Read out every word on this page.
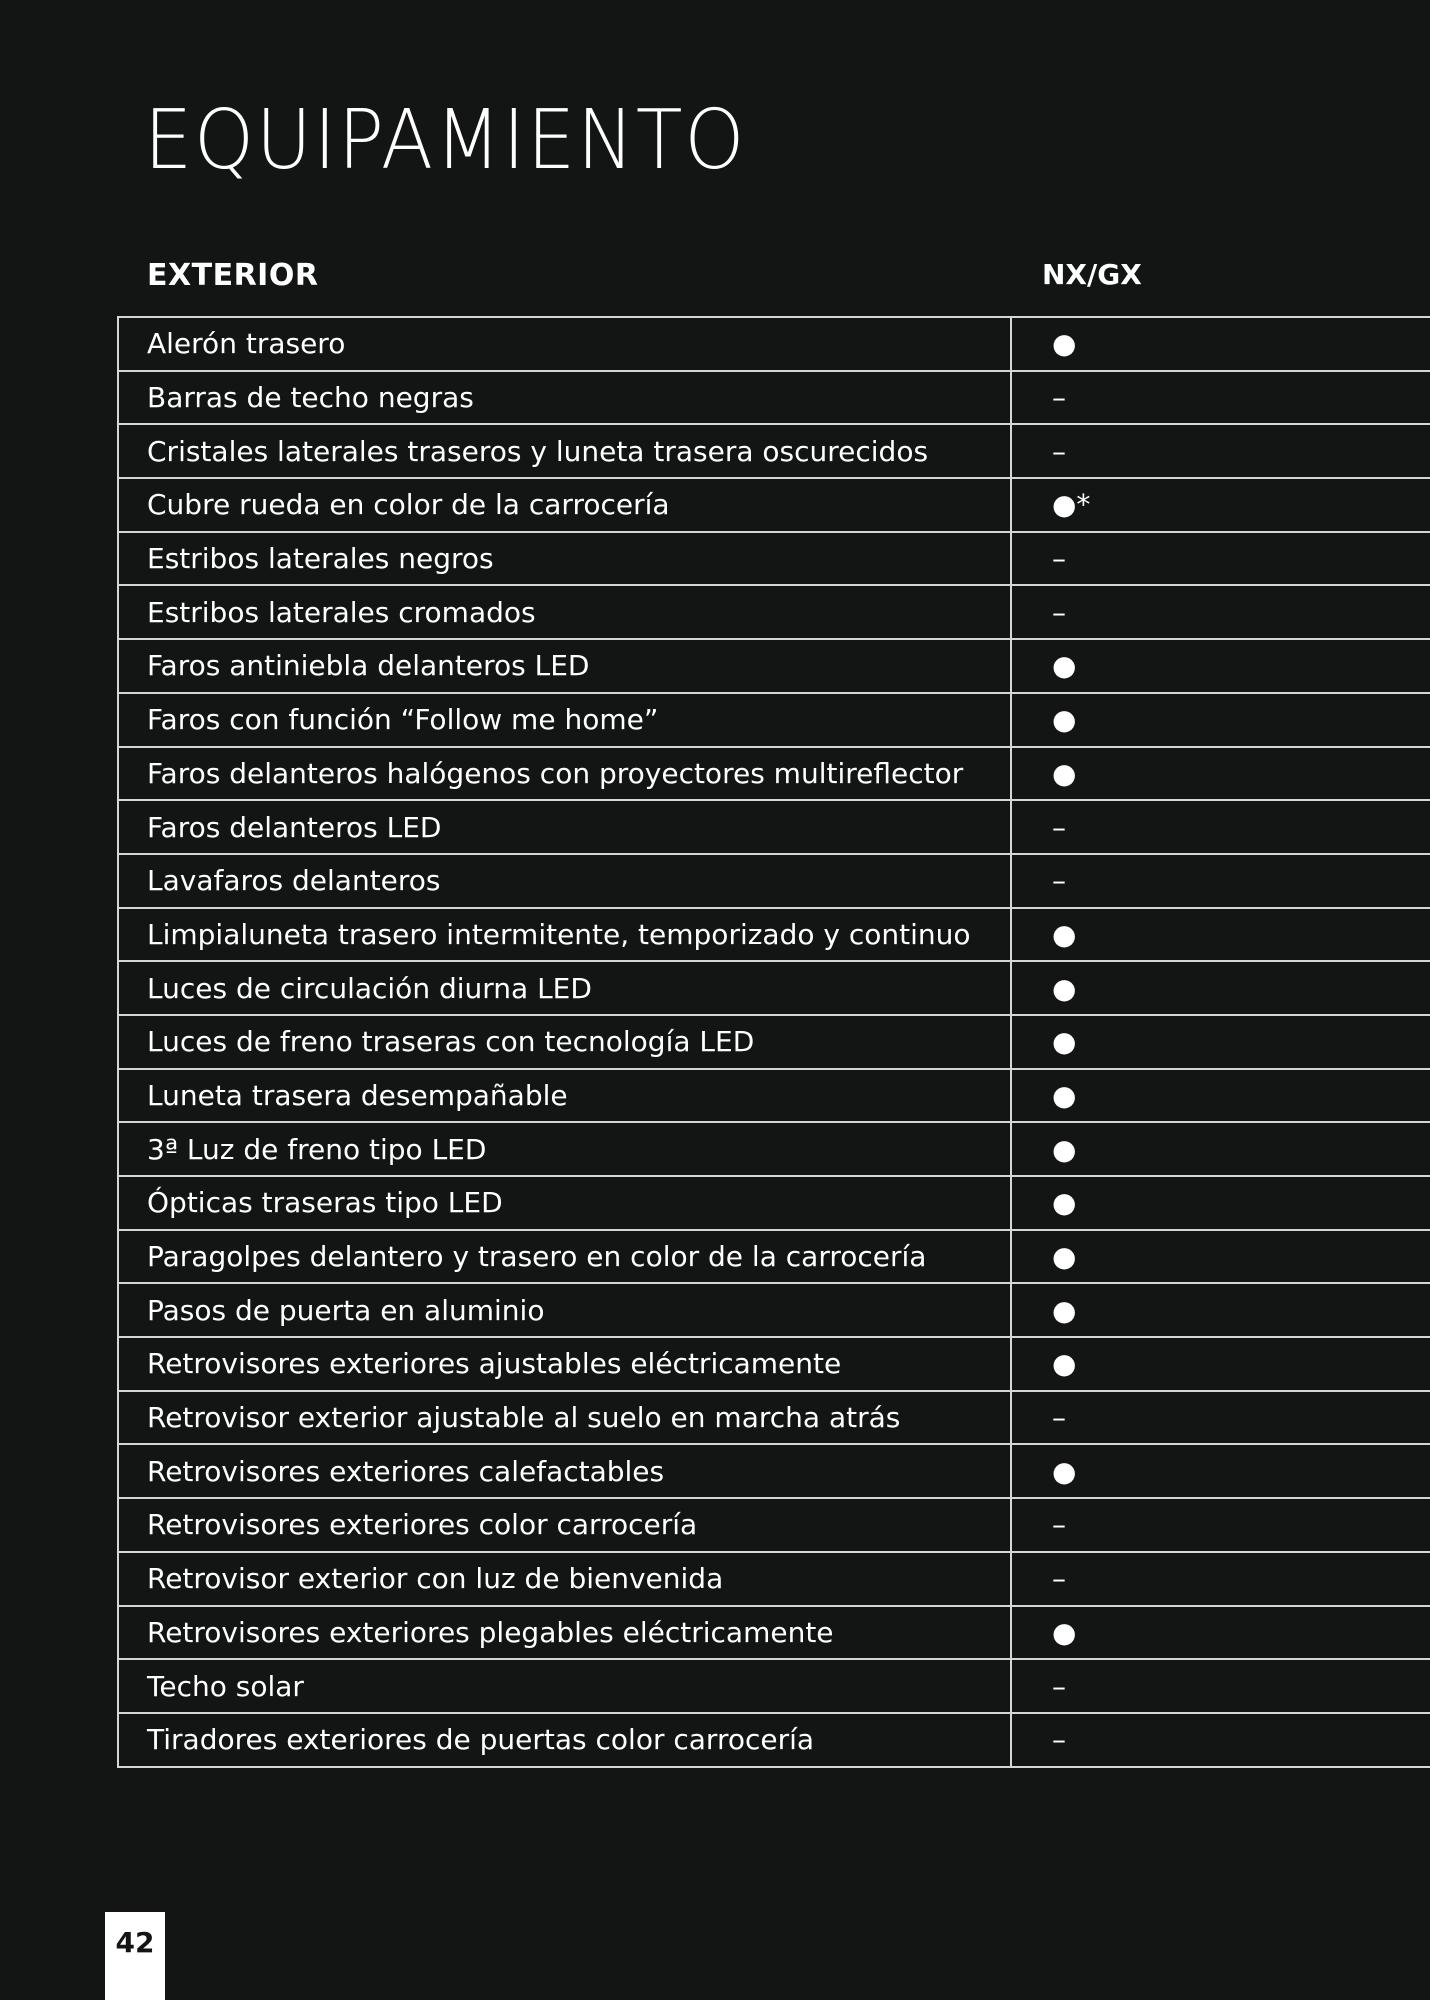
EQUIPAMIENTO
EXTERIOR	NX/GX
Alerón trasero	●
Barras de techo negras	–
Cristales laterales traseros y luneta trasera oscurecidos	–
Cubre rueda en color de la carrocería	●*
Estribos laterales negros	–
Estribos laterales cromados	–
Faros antiniebla delanteros LED	●
Faros con función “Follow me home”	●
Faros delanteros halógenos con proyectores multireflector	●
Faros delanteros LED	–
Lavafaros delanteros	–
Limpialuneta trasero intermitente, temporizado y continuo	●
Luces de circulación diurna LED	●
Luces de freno traseras con tecnología LED	●
Luneta trasera desempañable	●
3ª Luz de freno tipo LED	●
Ópticas traseras tipo LED	●
Paragolpes delantero y trasero en color de la carrocería	●
Pasos de puerta en aluminio	●
Retrovisores exteriores ajustables eléctricamente	●
Retrovisor exterior ajustable al suelo en marcha atrás	–
Retrovisores exteriores calefactables	●
Retrovisores exteriores color carrocería	–
Retrovisor exterior con luz de bienvenida	–
Retrovisores exteriores plegables eléctricamente	●
Techo solar	–
Tiradores exteriores de puertas color carrocería	–
42
